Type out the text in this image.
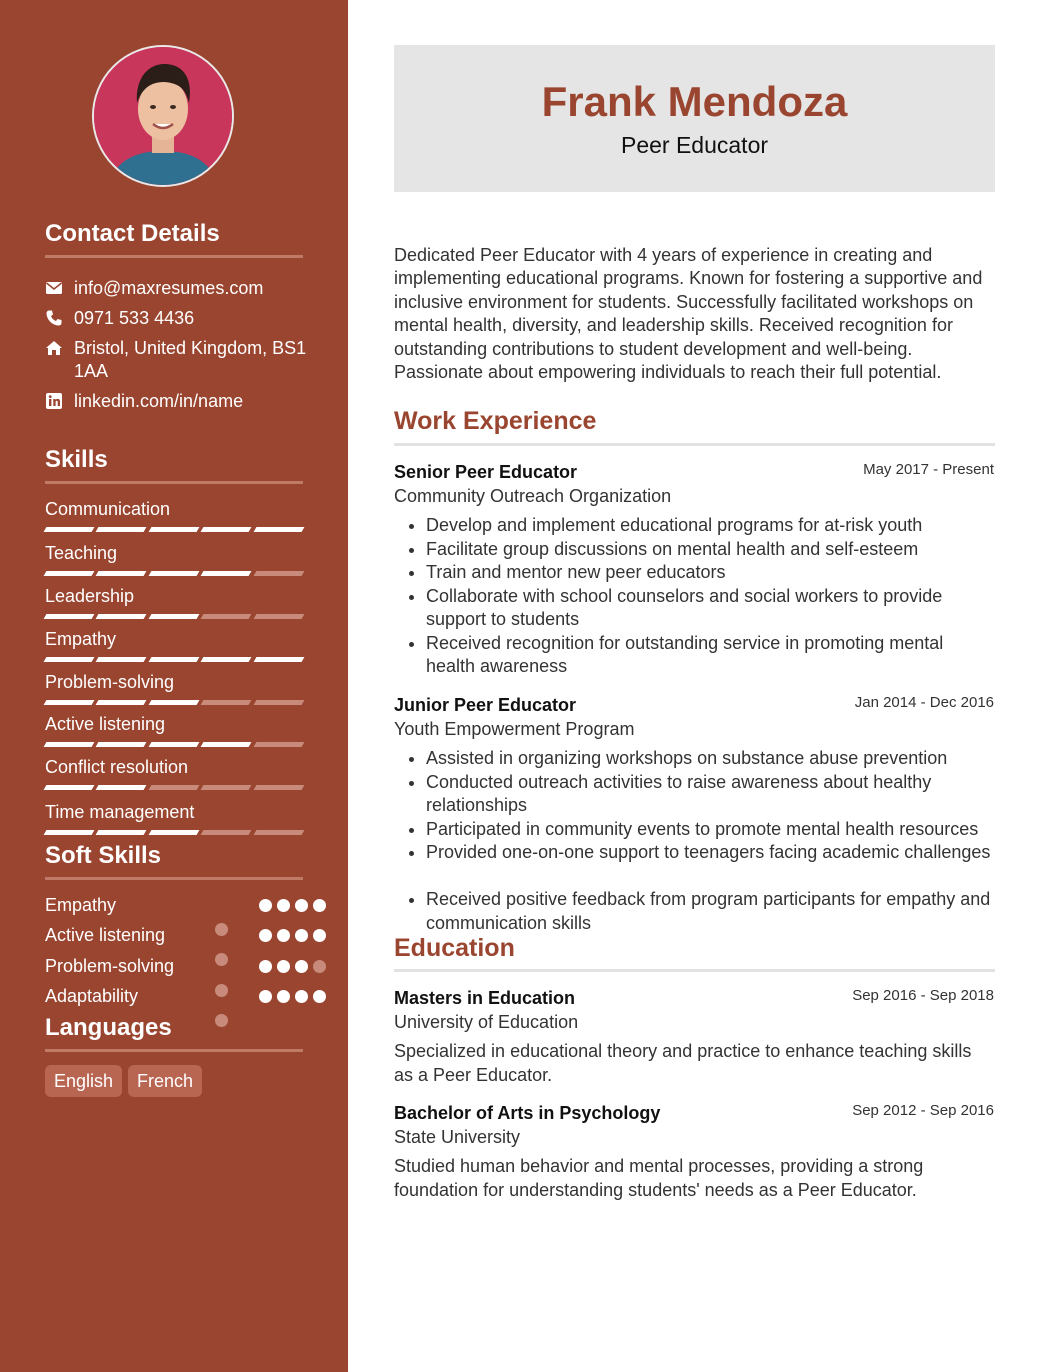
Contact Details
info@maxresumes.com
0971 533 4436
Bristol, United Kingdom, BS1 1AA
linkedin.com/in/name
Skills

Communication

Teaching

Leadership

Empathy

Problem-solving

Active listening

Conflict resolution

Time management

Soft Skills
Empathy
Active listening
Problem-solving
Adaptability
Languages
English	French
Frank Mendoza
Peer Educator

Dedicated Peer Educator with 4 years of experience in creating and implementing educational programs. Known for fostering a supportive and inclusive environment for students. Successfully facilitated workshops on mental health, diversity, and leadership skills. Received recognition for outstanding contributions to student development and well-being. Passionate about empowering individuals to reach their full potential.

Work Experience

Senior Peer Educator	May 2017 - Present

Community Outreach Organization

• Develop and implement educational programs for at-risk youth
• Facilitate group discussions on mental health and self-esteem
• Train and mentor new peer educators
• Collaborate with school counselors and social workers to provide support to students
• Received recognition for outstanding service in promoting mental health awareness

Junior Peer Educator	Jan 2014 - Dec 2016

Youth Empowerment Program

• Assisted in organizing workshops on substance abuse prevention
• Conducted outreach activities to raise awareness about healthy relationships
• Participated in community events to promote mental health resources
• Provided one-on-one support to teenagers facing academic challenges
• Received positive feedback from program participants for empathy and communication skills
Education

Masters in Education	Sep 2016 - Sep 2018

University of Education

Specialized in educational theory and practice to enhance teaching skills as a Peer Educator.

Bachelor of Arts in Psychology	Sep 2012 - Sep 2016

State University

Studied human behavior and mental processes, providing a strong foundation for understanding students' needs as a Peer Educator.
